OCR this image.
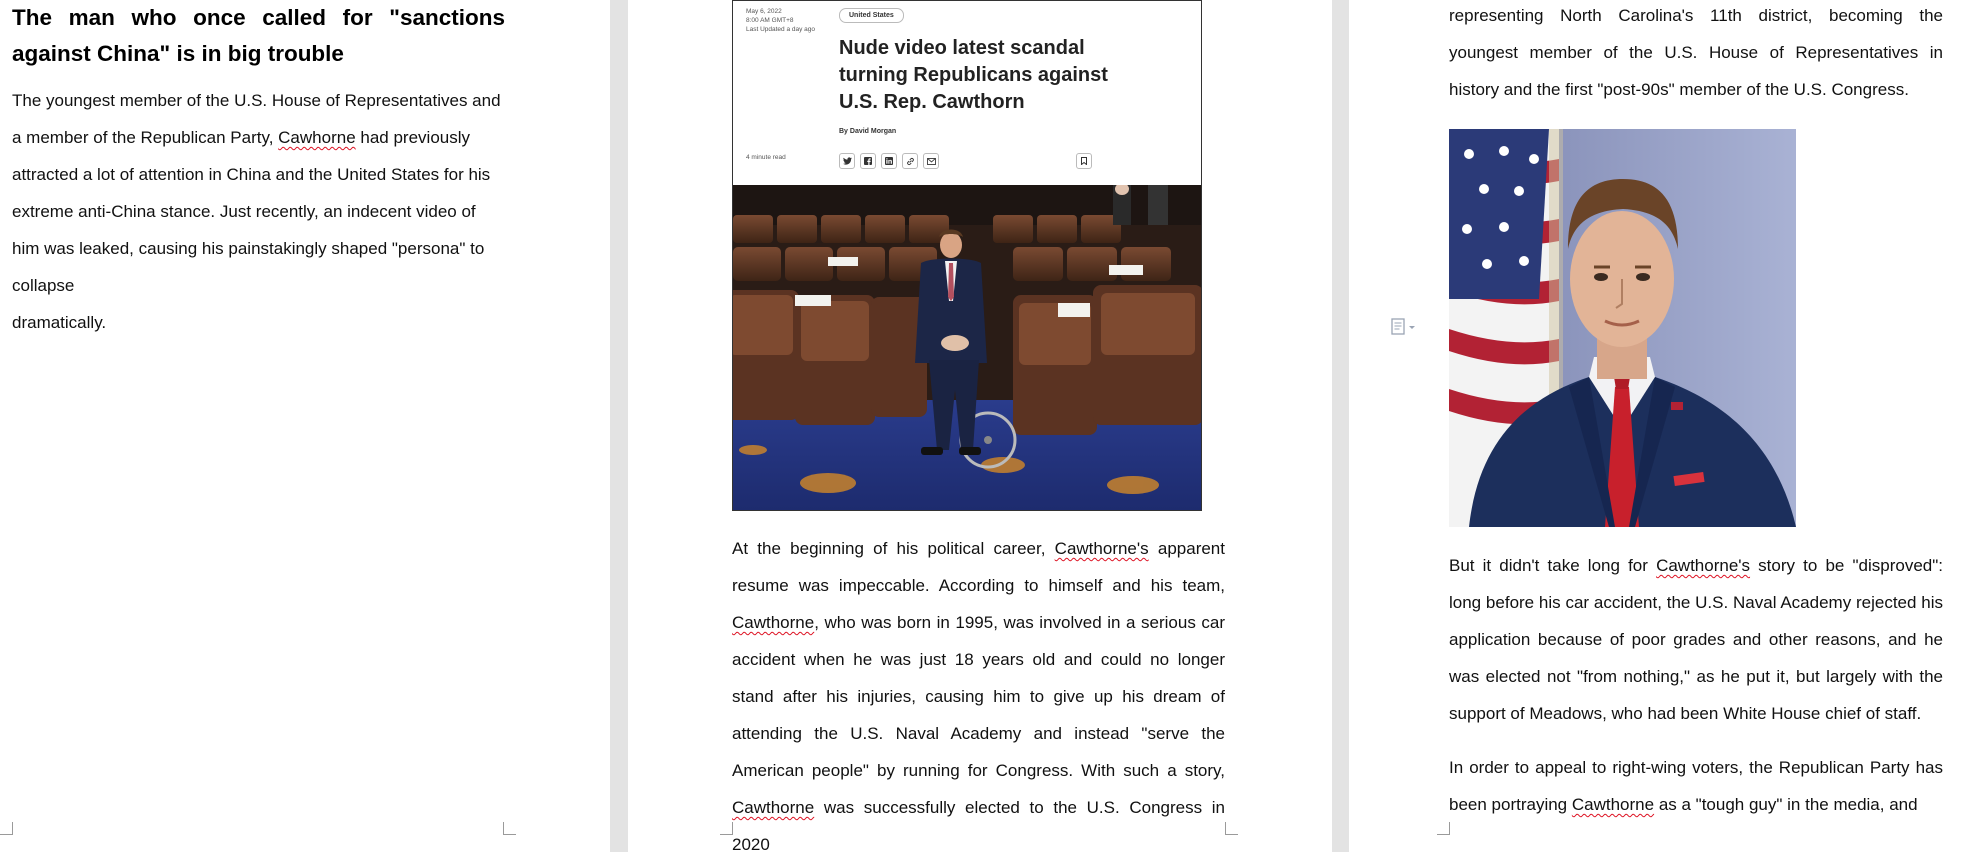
The man who once called for "sanctions against China" is in big trouble

The youngest member of the U.S. House of Representatives and a member of the Republican Party, Cawhorne had previously attracted a lot of attention in China and the United States for his extreme anti-China stance. Just recently, an indecent video of him was leaked, causing his painstakingly shaped "persona" to collapse
dramatically.

May 6, 2022
8:00 AM GMT+8
Last Updated a day ago
United States
Nude video latest scandal turning Republicans against U.S. Rep. Cawthorn
By David Morgan
4 minute read

At the beginning of his political career, Cawthorne's apparent resume was impeccable. According to himself and his team, Cawthorne, who was born in 1995, was involved in a serious car accident when he was just 18 years old and could no longer stand after his injuries, causing him to give up his dream of attending the U.S. Naval Academy and instead "serve the American people" by running for Congress. With such a story, Cawthorne was successfully elected to the U.S. Congress in 2020

representing North Carolina's 11th district, becoming the youngest member of the U.S. House of Representatives in history and the first "post-90s" member of the U.S. Congress.

But it didn't take long for Cawthorne's story to be "disproved": long before his car accident, the U.S. Naval Academy rejected his application because of poor grades and other reasons, and he was elected not "from nothing," as he put it, but largely with the support of Meadows, who had been White House chief of staff.

In order to appeal to right-wing voters, the Republican Party has been portraying Cawthorne as a "tough guy" in the media, and
